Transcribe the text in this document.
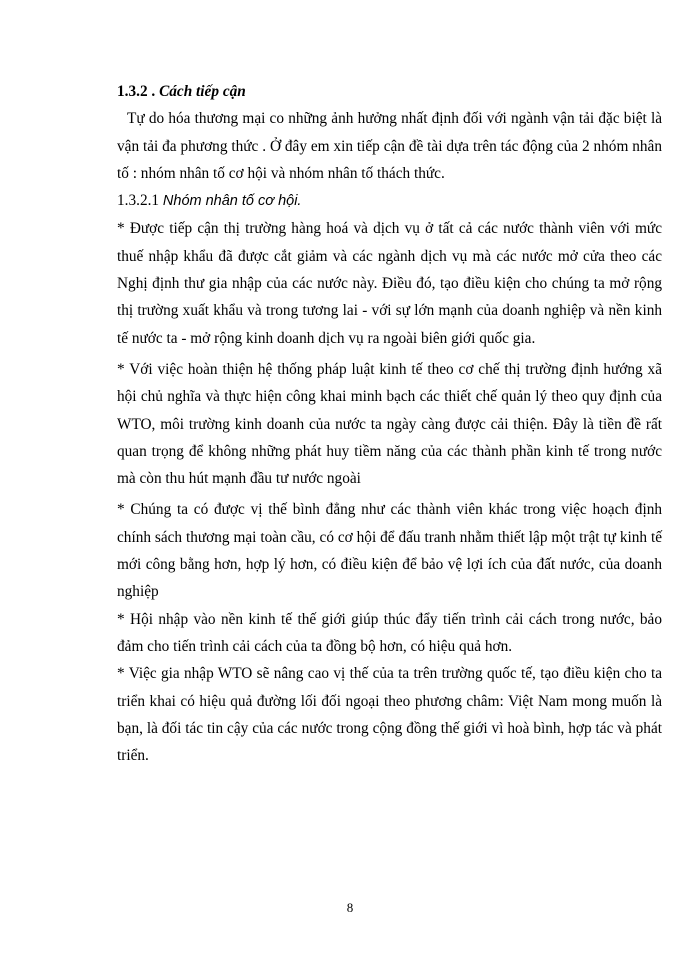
1.3.2 . Cách tiếp cận

Tự do hóa thương mại co những ảnh hưởng nhất định đối với ngành vận tải đặc biệt là vận tải đa phương thức . Ở đây em xin tiếp cận đề tài dựa trên tác động của 2 nhóm nhân tố : nhóm nhân tố cơ hội và nhóm nhân tố thách thức.

1.3.2.1 Nhóm nhân tố cơ hội.

* Được tiếp cận thị trường hàng hoá và dịch vụ ở tất cả các nước thành viên với mức thuế nhập khẩu đã được cắt giảm và các ngành dịch vụ mà các nước mở cửa theo các Nghị định thư gia nhập của các nước này. Điều đó, tạo điều kiện cho chúng ta mở rộng thị trường xuất khẩu và trong tương lai - với sự lớn mạnh của doanh nghiệp và nền kinh tế nước ta - mở rộng kinh doanh dịch vụ ra ngoài biên giới quốc gia.

* Với việc hoàn thiện hệ thống pháp luật kinh tế theo cơ chế thị trường định hướng xã hội chủ nghĩa và thực hiện công khai minh bạch các thiết chế quản lý theo quy định của WTO, môi trường kinh doanh của nước ta ngày càng được cải thiện. Đây là tiền đề rất quan trọng để không những phát huy tiềm năng của các thành phần kinh tế trong nước mà còn thu hút mạnh đầu tư nước ngoài

* Chúng ta có được vị thế bình đẳng như các thành viên khác trong việc hoạch định chính sách thương mại toàn cầu, có cơ hội để đấu tranh nhằm thiết lập một trật tự kinh tế mới công bằng hơn, hợp lý hơn, có điều kiện để bảo vệ lợi ích của đất nước, của doanh nghiệp

* Hội nhập vào nền kinh tế thế giới giúp thúc đẩy tiến trình cải cách trong nước, bảo đảm cho tiến trình cải cách của ta đồng bộ hơn, có hiệu quả hơn.

* Việc gia nhập WTO sẽ nâng cao vị thế của ta trên trường quốc tế, tạo điều kiện cho ta triển khai có hiệu quả đường lối đối ngoại theo phương châm: Việt Nam mong muốn là bạn, là đối tác tin cậy của các nước trong cộng đồng thế giới vì hoà bình, hợp tác và phát triển.

8
